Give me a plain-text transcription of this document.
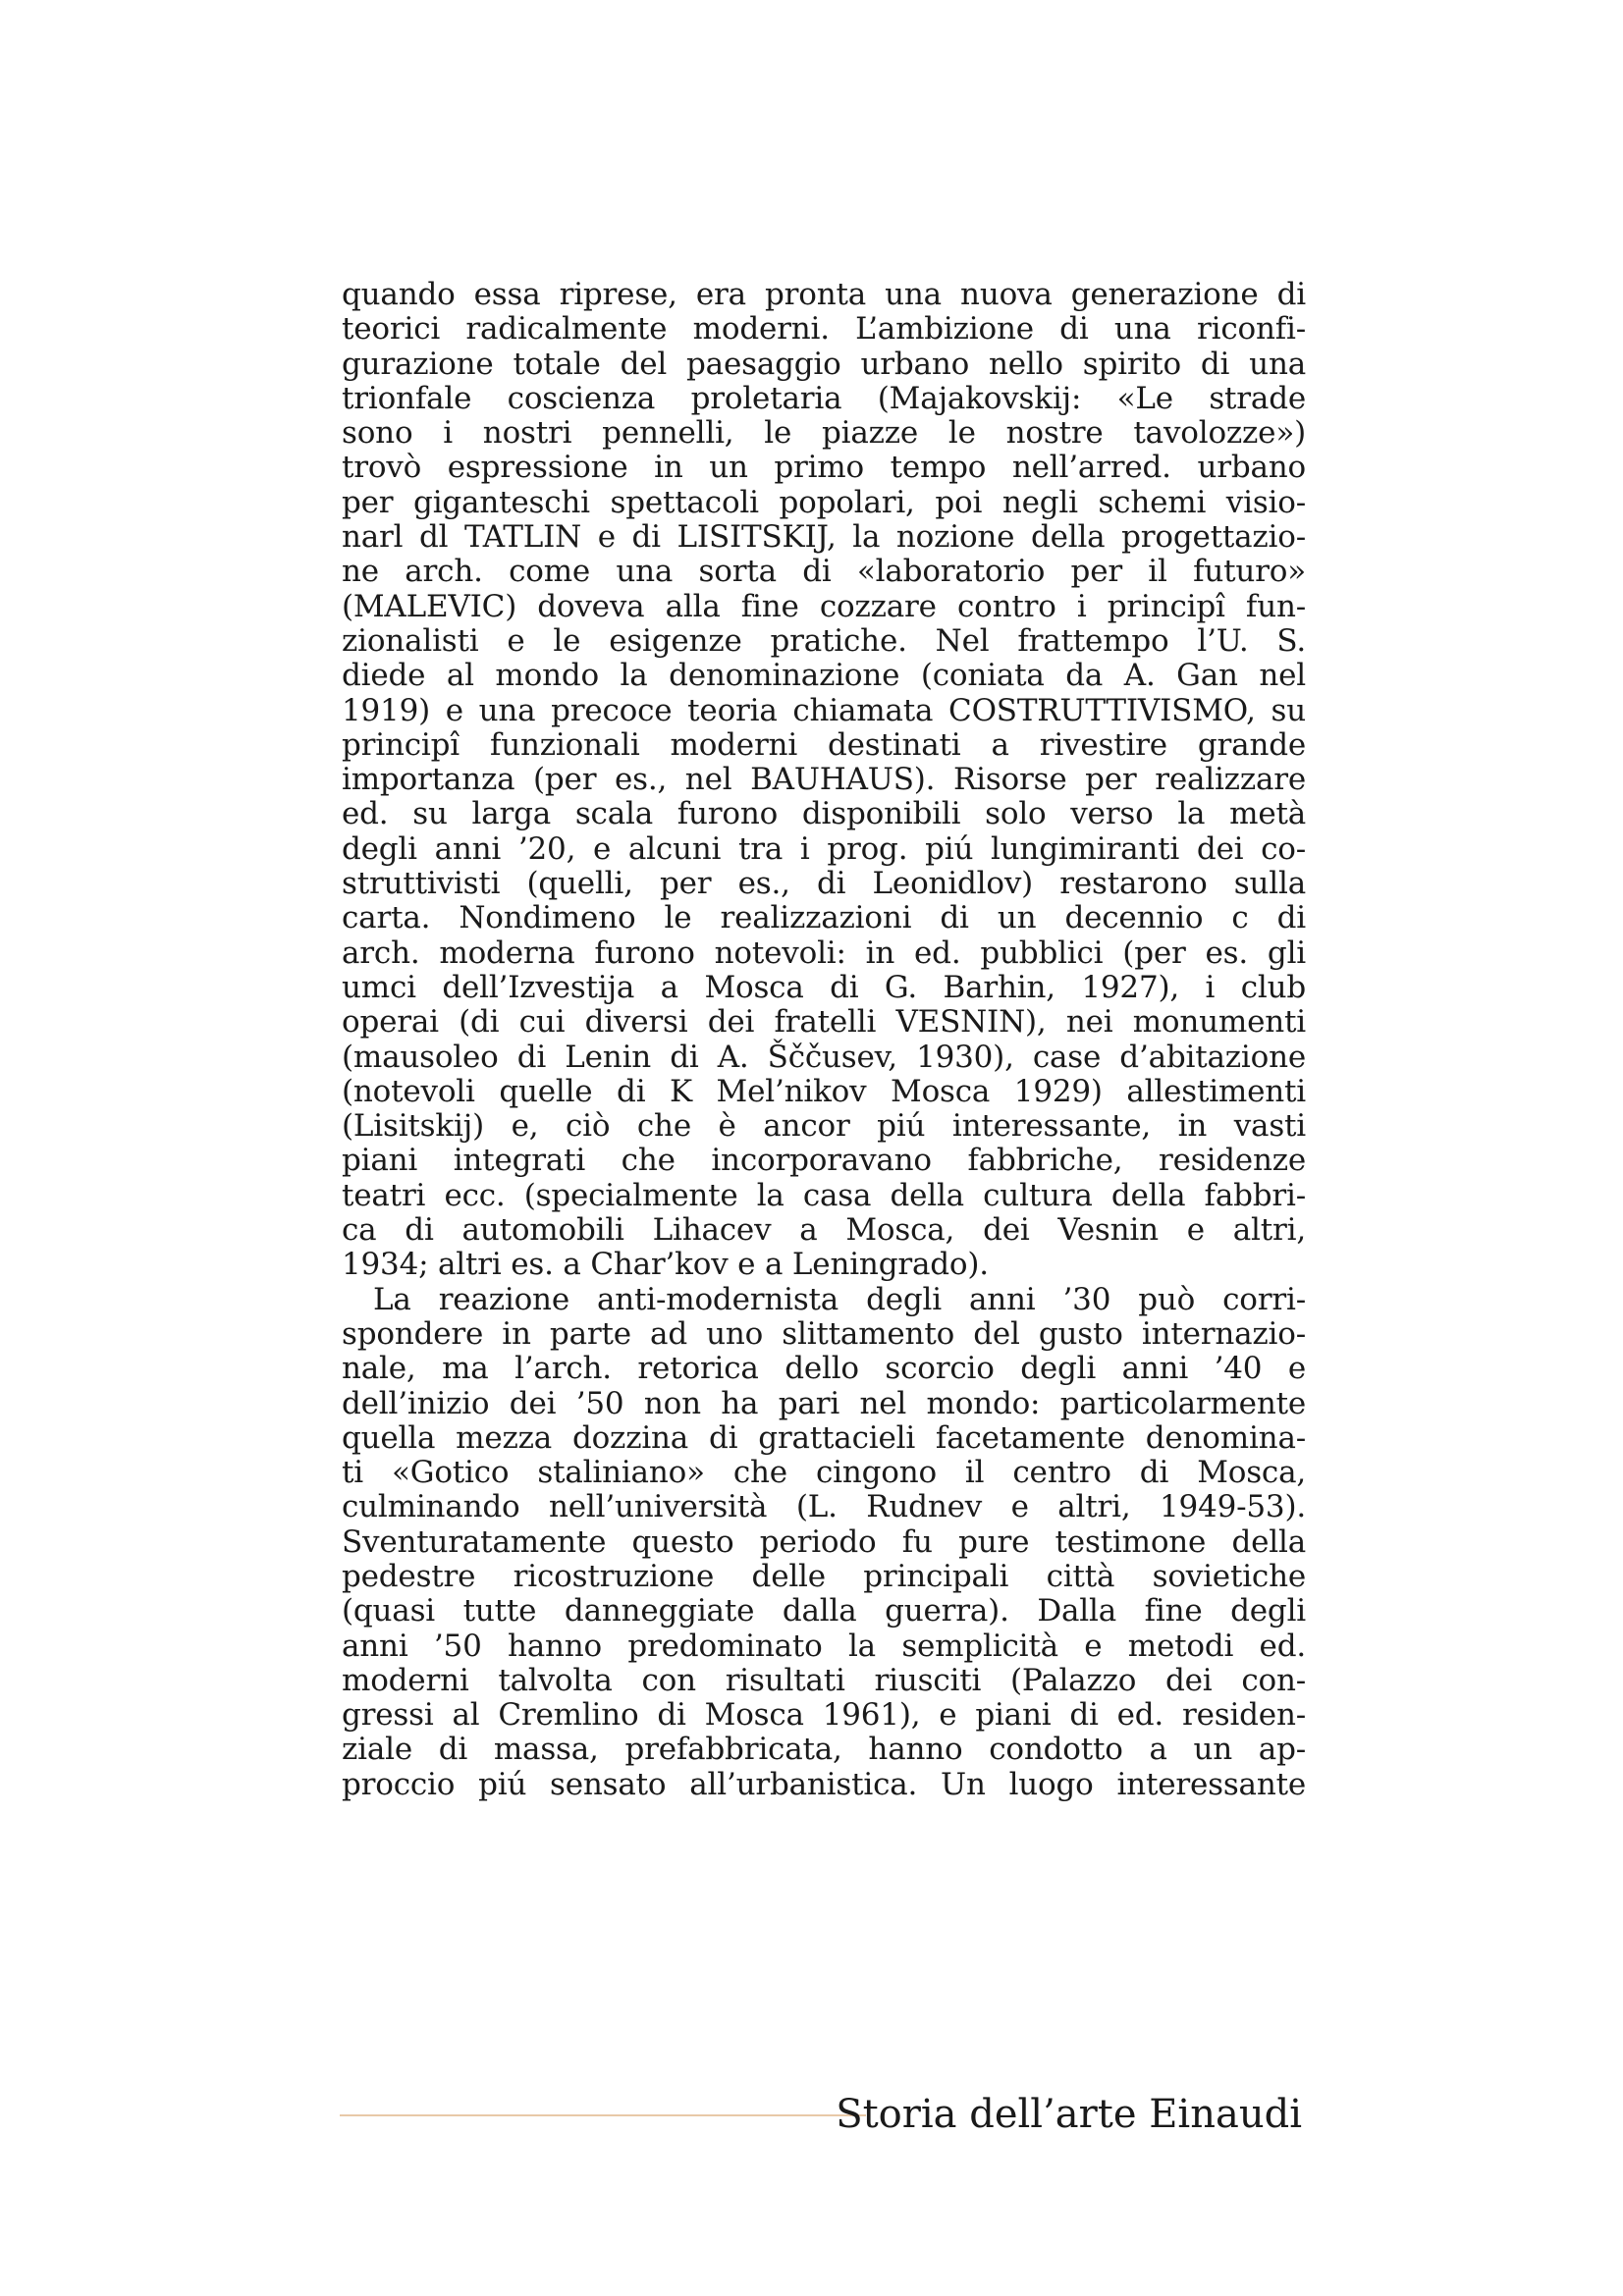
quando essa riprese, era pronta una nuova generazione di
teorici radicalmente moderni. L’ambizione di una riconfi-
gurazione totale del paesaggio urbano nello spirito di una
trionfale coscienza proletaria (Majakovskij: «Le strade
sono i nostri pennelli, le piazze le nostre tavolozze»)
trovò espressione in un primo tempo nell’arred. urbano
per giganteschi spettacoli popolari, poi negli schemi visio-
narl dl TATLIN e di LISITSKIJ, la nozione della progettazio-
ne arch. come una sorta di «laboratorio per il futuro»
(MALEVIC) doveva alla fine cozzare contro i principî fun-
zionalisti e le esigenze pratiche. Nel frattempo l’U. S.
diede al mondo la denominazione (coniata da A. Gan nel
1919) e una precoce teoria chiamata COSTRUTTIVISMO, su
principî funzionali moderni destinati a rivestire grande
importanza (per es., nel BAUHAUS). Risorse per realizzare
ed. su larga scala furono disponibili solo verso la metà
degli anni ’20, e alcuni tra i prog. piú lungimiranti dei co-
struttivisti (quelli, per es., di Leonidlov) restarono sulla
carta. Nondimeno le realizzazioni di un decennio c di
arch. moderna furono notevoli: in ed. pubblici (per es. gli
umci dell’Izvestija a Mosca di G. Barhin, 1927), i club
operai (di cui diversi dei fratelli VESNIN), nei monumenti
(mausoleo di Lenin di A. Šččusev, 1930), case d’abitazione
(notevoli quelle di K Mel’nikov Mosca 1929) allestimenti
(Lisitskij) e, ciò che è ancor piú interessante, in vasti
piani integrati che incorporavano fabbriche, residenze
teatri ecc. (specialmente la casa della cultura della fabbri-
ca di automobili Lihacev a Mosca, dei Vesnin e altri,
1934; altri es. a Char’kov e a Leningrado).
La reazione anti-modernista degli anni ’30 può corri-
spondere in parte ad uno slittamento del gusto internazio-
nale, ma l’arch. retorica dello scorcio degli anni ’40 e
dell’inizio dei ’50 non ha pari nel mondo: particolarmente
quella mezza dozzina di grattacieli facetamente denomina-
ti «Gotico staliniano» che cingono il centro di Mosca,
culminando nell’università (L. Rudnev e altri, 1949-53).
Sventuratamente questo periodo fu pure testimone della
pedestre ricostruzione delle principali città sovietiche
(quasi tutte danneggiate dalla guerra). Dalla fine degli
anni ’50 hanno predominato la semplicità e metodi ed.
moderni talvolta con risultati riusciti (Palazzo dei con-
gressi al Cremlino di Mosca 1961), e piani di ed. residen-
ziale di massa, prefabbricata, hanno condotto a un ap-
proccio piú sensato all’urbanistica. Un luogo interessante
Storia dell’arte Einaudi
